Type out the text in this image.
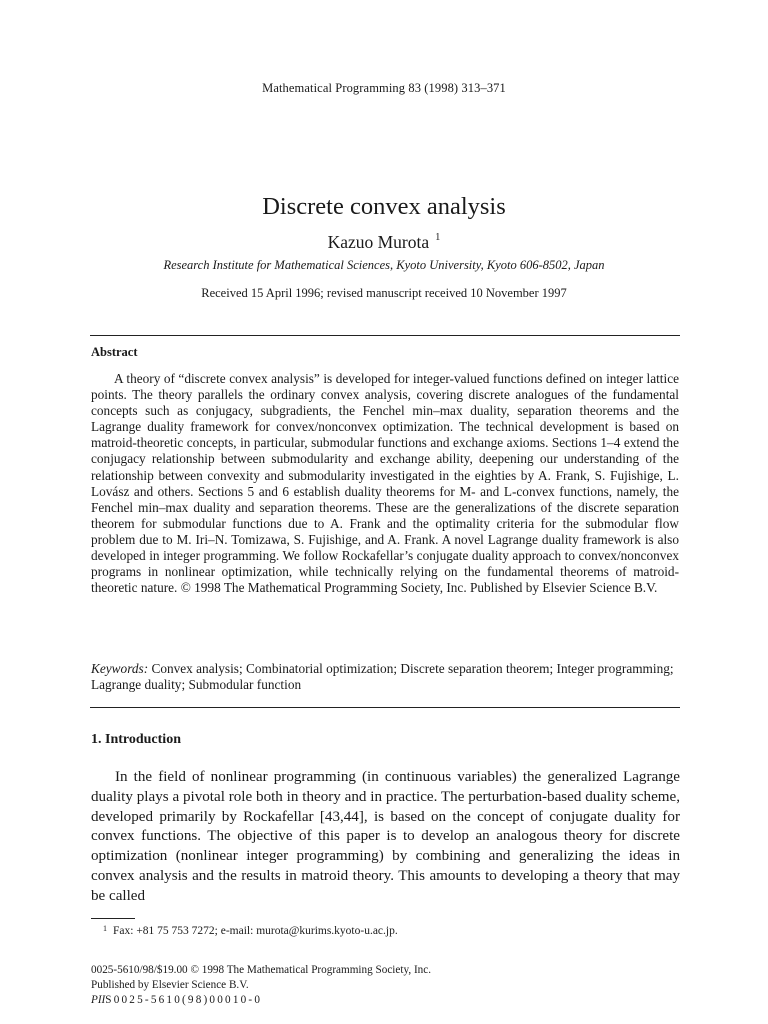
Mathematical Programming 83 (1998) 313–371
Discrete convex analysis
Kazuo Murota $^1$
Research Institute for Mathematical Sciences, Kyoto University, Kyoto 606-8502, Japan
Received 15 April 1996; revised manuscript received 10 November 1997
Abstract

A theory of “discrete convex analysis” is developed for integer-valued functions defined on integer lattice points. The theory parallels the ordinary convex analysis, covering discrete analogues of the fundamental concepts such as conjugacy, subgradients, the Fenchel min–max duality, separation theorems and the Lagrange duality framework for convex/nonconvex optimization. The technical development is based on matroid-theoretic concepts, in particular, submodular functions and exchange axioms. Sections 1–4 extend the conjugacy relationship between submodularity and exchange ability, deepening our understanding of the relationship between convexity and submodularity investigated in the eighties by A. Frank, S. Fujishige, L. Lovász and others. Sections 5 and 6 establish duality theorems for M- and L-convex functions, namely, the Fenchel min–max duality and separation theorems. These are the generalizations of the discrete separation theorem for submodular functions due to A. Frank and the optimality criteria for the submodular flow problem due to M. Iri–N. Tomizawa, S. Fujishige, and A. Frank. A novel Lagrange duality framework is also developed in integer programming. We follow Rockafellar’s conjugate duality approach to convex/nonconvex programs in nonlinear optimization, while technically relying on the fundamental theorems of matroid-theoretic nature. © 1998 The Mathematical Programming Society, Inc. Published by Elsevier Science B.V.

Keywords: Convex analysis; Combinatorial optimization; Discrete separation theorem; Integer programming; Lagrange duality; Submodular function

1. Introduction

In the field of nonlinear programming (in continuous variables) the generalized Lagrange duality plays a pivotal role both in theory and in practice. The perturbation-based duality scheme, developed primarily by Rockafellar [43,44], is based on the concept of conjugate duality for convex functions. The objective of this paper is to develop an analogous theory for discrete optimization (nonlinear integer programming) by combining and generalizing the ideas in convex analysis and the results in matroid theory. This amounts to developing a theory that may be called

$^1$ Fax: +81 75 753 7272; e-mail: murota@kurims.kyoto-u.ac.jp.
0025-5610/98/$19.00 © 1998 The Mathematical Programming Society, Inc.
Published by Elsevier Science B.V.
PIIS0025-5610(98)00010-0
